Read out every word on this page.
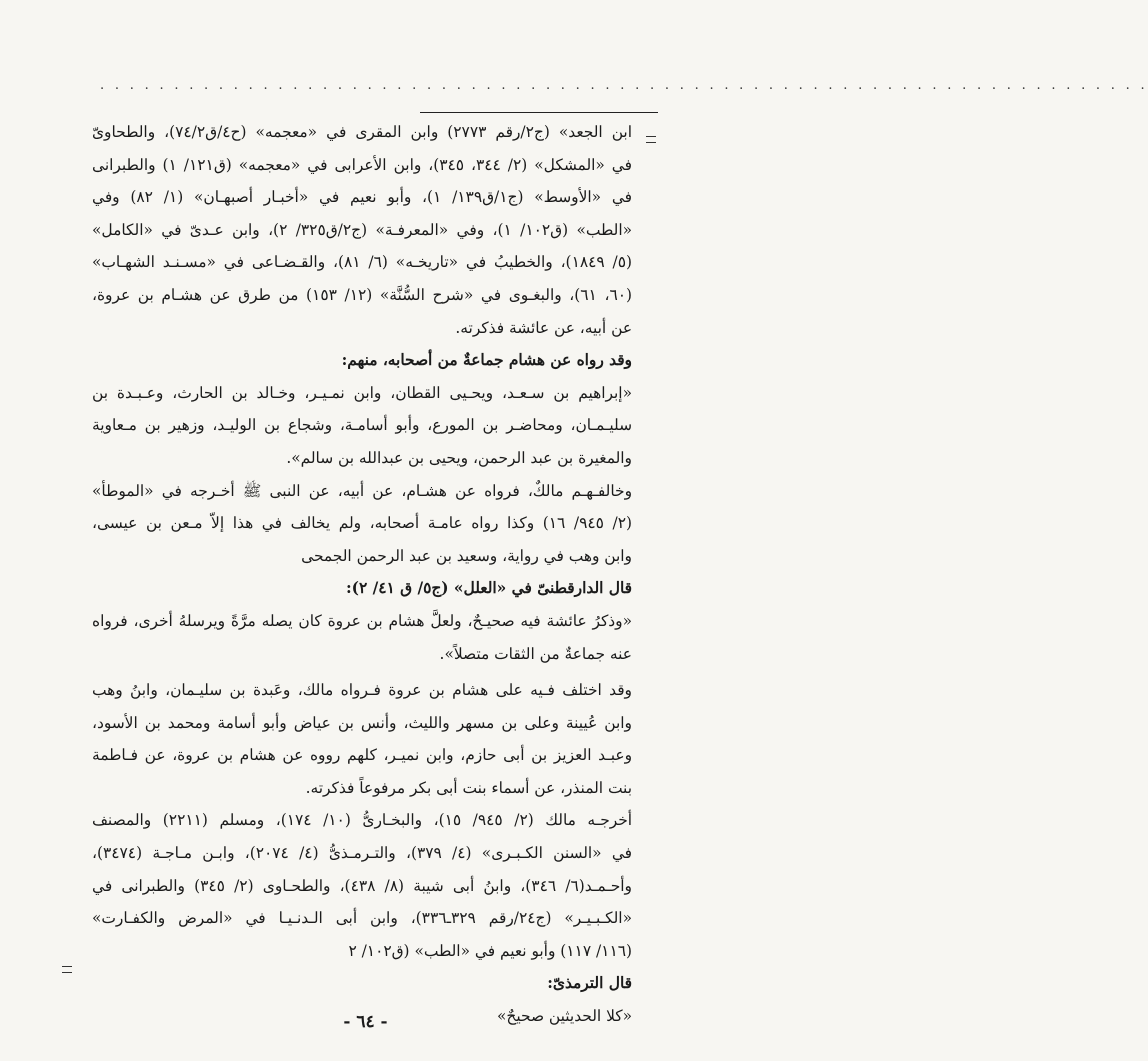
. . . . . . . . . . . . . . . . . . . . . . . . . . . . . . . . . . . . . . . . . . . . . . . . . . . . . . . . . . . . . . . . . . . . . . .
ابن الجعد» (ج٢/رقم ٢٧٧٣) وابن المقرى في «معجمه» (ح٤/ق٧٤/٢)، والطحاوىّ
في «المشكل» (٢/ ٣٤٤، ٣٤٥)، وابن الأعرابى في «معجمه» (ق١٢١/ ١) والطبرانى
في «الأوسط» (ج١/ق١٣٩/ ١)، وأبو نعيم في «أخبـار أصبهـان» (١/ ٨٢) وفي
«الطب» (ق١٠٢/ ١)، وفي «المعرفـة» (ج٢/ق٣٢٥/ ٢)، وابن عـدىّ في «الكامل»
(٥/ ١٨٤٩)، والخطيبُ في «تاريخـه» (٦/ ٨١)، والقـضـاعى في «مسـنـد الشهـاب»
(٦٠، ٦١)، والبغـوى في «شرح السُّنَّة» (١٢/ ١٥٣) من طرق عن هشـام بن عروة،
عن أبيه، عن عائشة فذكرته.
وقد رواه عن هشام جماعةٌ من أصحابه، منهم:
«إبراهيم بن سـعـد، ويحـيى القطان، وابن نمـيـر، وخـالد بن الحارث، وعـبـدة بن
سليـمـان، ومحاضـر بن المورع، وأبو أسامـة، وشجاع بن الوليـد، وزهير بن مـعاوية
والمغيرة بن عبد الرحمن، ويحيى بن عبدالله بن سالم».
وخالفـهـم مالكٌ، فرواه عن هشـام، عن أبيه، عن النبى ﷺ أخـرجه في «الموطأ»
(٢/ ٩٤٥/ ١٦) وكذا رواه عامـة أصحابه، ولم يخالف في هذا إلاّ مـعن بن عيسى،
وابن وهب في رواية، وسعيد بن عبد الرحمن الجمحى
قال الدارقطنىّ في «العلل» (ج٥/ ق ٤١/ ٢):
«وذكرُ عائشة فيه صحيـحٌ، ولعلَّ هشام بن عروة كان يصله مرَّةً ويرسلهُ أخرى، فرواه
عنه جماعةٌ من الثقات متصلاً».
وقد اختلف فـيه على هشام بن عروة فـرواه مالك، وعَبدة بن سليـمان، وابنُ وهب
وابن عُيينة وعلى بن مسهر والليث، وأنس بن عياض وأبو أسامة ومحمد بن الأسود،
وعبـد العزيز بن أبى حازم، وابن نميـر، كلهم رووه عن هشام بن عروة، عن فـاطمة
بنت المنذر، عن أسماء بنت أبى بكر مرفوعاً فذكرته.
أخرجـه مالك (٢/ ٩٤٥/ ١٥)، والبخـارىُّ (١٠/ ١٧٤)، ومسلم (٢٢١١) والمصنف
في «السنن الكـبـرى» (٤/ ٣٧٩)، والتـرمـذىُّ (٤/ ٢٠٧٤)، وابـن مـاجـة (٣٤٧٤)،
وأحـمـد(٦/ ٣٤٦)، وابنُ أبى شيبة (٨/ ٤٣٨)، والطحـاوى (٢/ ٣٤٥) والطبرانى في
«الكـبـيـر» (ج٢٤/رقم ٣٢٩ـ٣٣٦)، وابن أبى الـدنـيـا في «المرض والكفـارت»
(١١٦/ ١١٧) وأبو نعيم في «الطب» (ق١٠٢/ ٢
قال الترمذىّ:
«كلا الحديثين صحيحٌ»
- ٦٤ -
